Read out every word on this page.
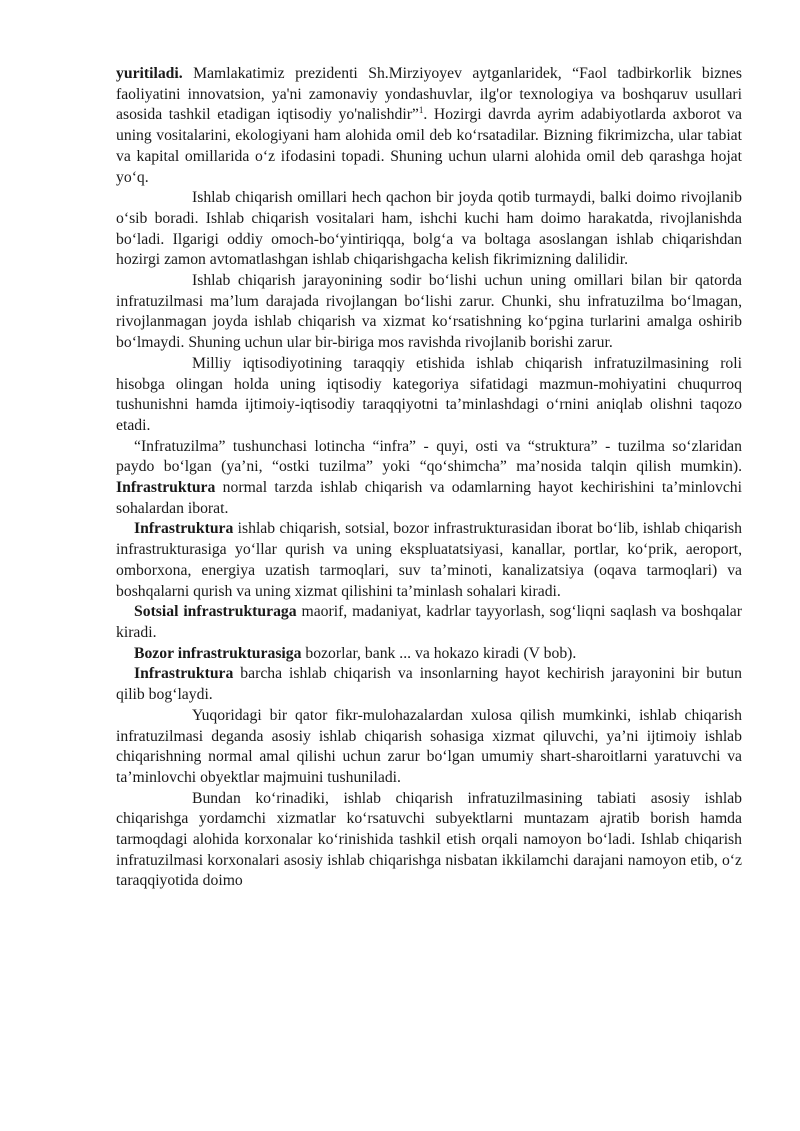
yuritiladi. Mamlakatimiz prezidenti Sh.Mirziyoyev aytganlaridek, “Faol tadbirkorlik biznes faoliyatini innovatsion, ya'ni zamonaviy yondashuvlar, ilg'or texnologiya va boshqaruv usullari asosida tashkil etadigan iqtisodiy yo'nalishdir”$^1$. Hozirgi davrda ayrim adabiyotlarda axborot va uning vositalarini, ekologiyani ham alohida omil deb ko‘rsatadilar. Bizning fikrimizcha, ular tabiat va kapital omillarida o‘z ifodasini topadi. Shuning uchun ularni alohida omil deb qarashga hojat yo‘q.

Ishlab chiqarish omillari hech qachon bir joyda qotib turmaydi, balki doimo rivojlanib o‘sib boradi. Ishlab chiqarish vositalari ham, ishchi kuchi ham doimo harakatda, rivojlanishda bo‘ladi. Ilgarigi oddiy omoch-bo‘yintiriqqa, bolg‘a va boltaga asoslangan ishlab chiqarishdan hozirgi zamon avtomatlashgan ishlab chiqarishgacha kelish fikrimizning dalilidir.

Ishlab chiqarish jarayonining sodir bo‘lishi uchun uning omillari bilan bir qatorda infratuzilmasi ma’lum darajada rivojlangan bo‘lishi zarur. Chunki, shu infratuzilma bo‘lmagan, rivojlanmagan joyda ishlab chiqarish va xizmat ko‘rsatishning ko‘pgina turlarini amalga oshirib bo‘lmaydi. Shuning uchun ular bir-biriga mos ravishda rivojlanib borishi zarur.

Milliy iqtisodiyotining taraqqiy etishida ishlab chiqarish infratuzilmasining roli hisobga olingan holda uning iqtisodiy kategoriya sifatidagi mazmun-mohiyatini chuqurroq tushunishni hamda ijtimoiy-iqtisodiy taraqqiyotni ta’minlashdagi o‘rnini aniqlab olishni taqozo etadi.

“Infratuzilma” tushunchasi lotincha “infra” - quyi, osti va “struktura” - tuzilma so‘zlaridan paydo bo‘lgan (ya’ni, “ostki tuzilma” yoki “qo‘shimcha” ma’nosida talqin qilish mumkin). Infrastruktura normal tarzda ishlab chiqarish va odamlarning hayot kechirishini ta’minlovchi sohalardan iborat.

Infrastruktura ishlab chiqarish, sotsial, bozor infrastrukturasidan iborat bo‘lib, ishlab chiqarish infrastrukturasiga yo‘llar qurish va uning ekspluatatsiyasi, kanallar, portlar, ko‘prik, aeroport, omborxona, energiya uzatish tarmoqlari, suv ta’minoti, kanalizatsiya (oqava tarmoqlari) va boshqalarni qurish va uning xizmat qilishini ta’minlash sohalari kiradi.

Sotsial infrastrukturaga maorif, madaniyat, kadrlar tayyorlash, sog‘liqni saqlash va boshqalar kiradi.

Bozor infrastrukturasiga bozorlar, bank ... va hokazo kiradi (V bob).

Infrastruktura barcha ishlab chiqarish va insonlarning hayot kechirish jarayonini bir butun qilib bog‘laydi.

Yuqoridagi bir qator fikr-mulohazalardan xulosa qilish mumkinki, ishlab chiqarish infratuzilmasi deganda asosiy ishlab chiqarish sohasiga xizmat qiluvchi, ya’ni ijtimoiy ishlab chiqarishning normal amal qilishi uchun zarur bo‘lgan umumiy shart-sharoitlarni yaratuvchi va ta’minlovchi obyektlar majmuini tushuniladi.

Bundan ko‘rinadiki, ishlab chiqarish infratuzilmasining tabiati asosiy ishlab chiqarishga yordamchi xizmatlar ko‘rsatuvchi subyektlarni muntazam ajratib borish hamda tarmoqdagi alohida korxonalar ko‘rinishida tashkil etish orqali namoyon bo‘ladi. Ishlab chiqarish infratuzilmasi korxonalari asosiy ishlab chiqarishga nisbatan ikkilamchi darajani namoyon etib, o‘z taraqqiyotida doimo
